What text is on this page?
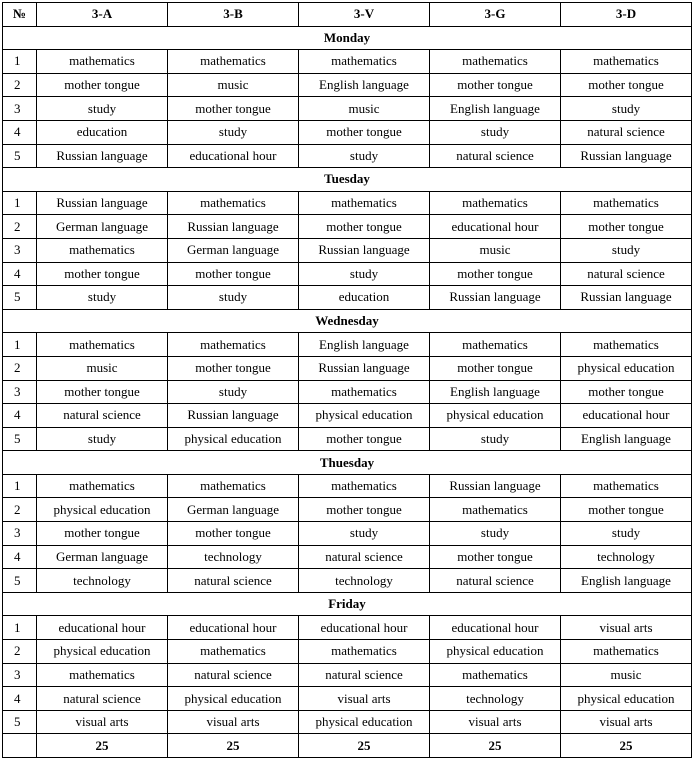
№	3-A	3-B	3-V	3-G	3-D
Monday					
1	mathematics	mathematics	mathematics	mathematics	mathematics
2	mother tongue	music	English language	mother tongue	mother tongue
3	study	mother tongue	music	English language	study
4	education	study	mother tongue	study	natural science
5	Russian language	educational hour	study	natural science	Russian language
Tuesday					
1	Russian language	mathematics	mathematics	mathematics	mathematics
2	German language	Russian language	mother tongue	educational hour	mother tongue
3	mathematics	German language	Russian language	music	study
4	mother tongue	mother tongue	study	mother tongue	natural science
5	study	study	education	Russian language	Russian language
Wednesday					
1	mathematics	mathematics	English language	mathematics	mathematics
2	music	mother tongue	Russian language	mother tongue	physical education
3	mother tongue	study	mathematics	English language	mother tongue
4	natural science	Russian language	physical education	physical education	educational hour
5	study	physical education	mother tongue	study	English language
Thuesday					
1	mathematics	mathematics	mathematics	Russian language	mathematics
2	physical education	German language	mother tongue	mathematics	mother tongue
3	mother tongue	mother tongue	study	study	study
4	German language	technology	natural science	mother tongue	technology
5	technology	natural science	technology	natural science	English language
Friday					
1	educational hour	educational hour	educational hour	educational hour	visual arts
2	physical education	mathematics	mathematics	physical education	mathematics
3	mathematics	natural science	natural science	mathematics	music
4	natural science	physical education	visual arts	technology	physical education
5	visual arts	visual arts	physical education	visual arts	visual arts
	25	25	25	25	25
